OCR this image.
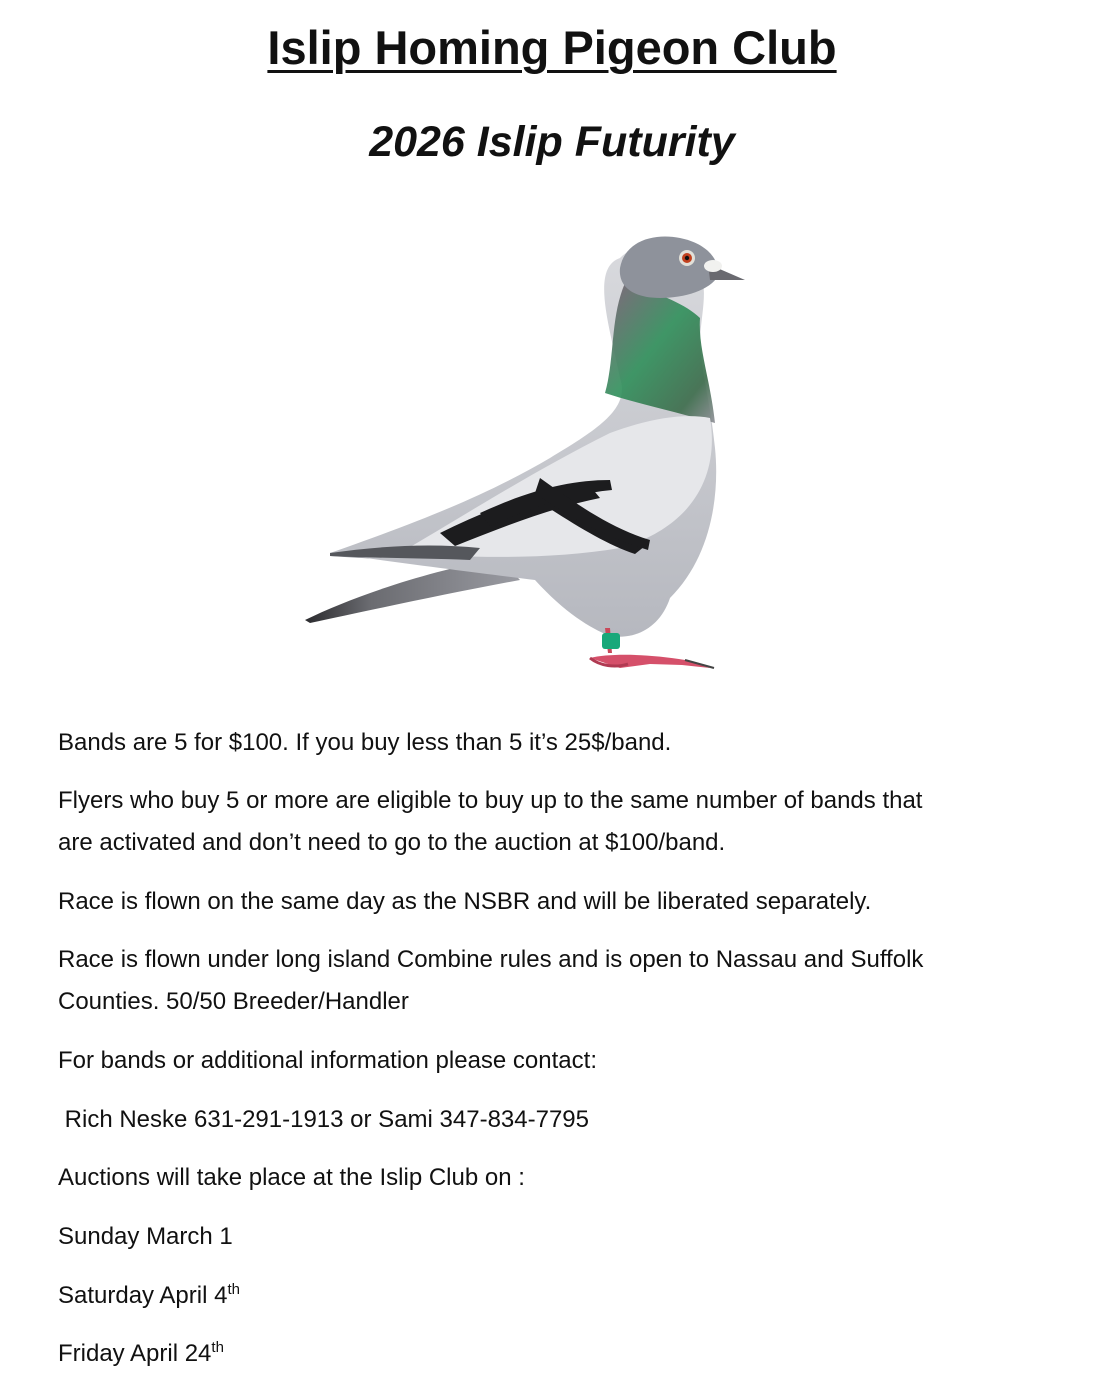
Islip Homing Pigeon Club
2026 Islip Futurity

Bands are 5 for $100. If you buy less than 5 it’s 25$/band.

Flyers who buy 5 or more are eligible to buy up to the same number of bands that
are activated and don’t need to go to the auction at $100/band.

Race is flown on the same day as the NSBR and will be liberated separately.

Race is flown under long island Combine rules and is open to Nassau and Suffolk
Counties. 50/50 Breeder/Handler

For bands or additional information please contact:

Rich Neske 631-291-1913 or Sami 347-834-7795

Auctions will take place at the Islip Club on :

Sunday March 1

Saturday April 4th

Friday April 24th
